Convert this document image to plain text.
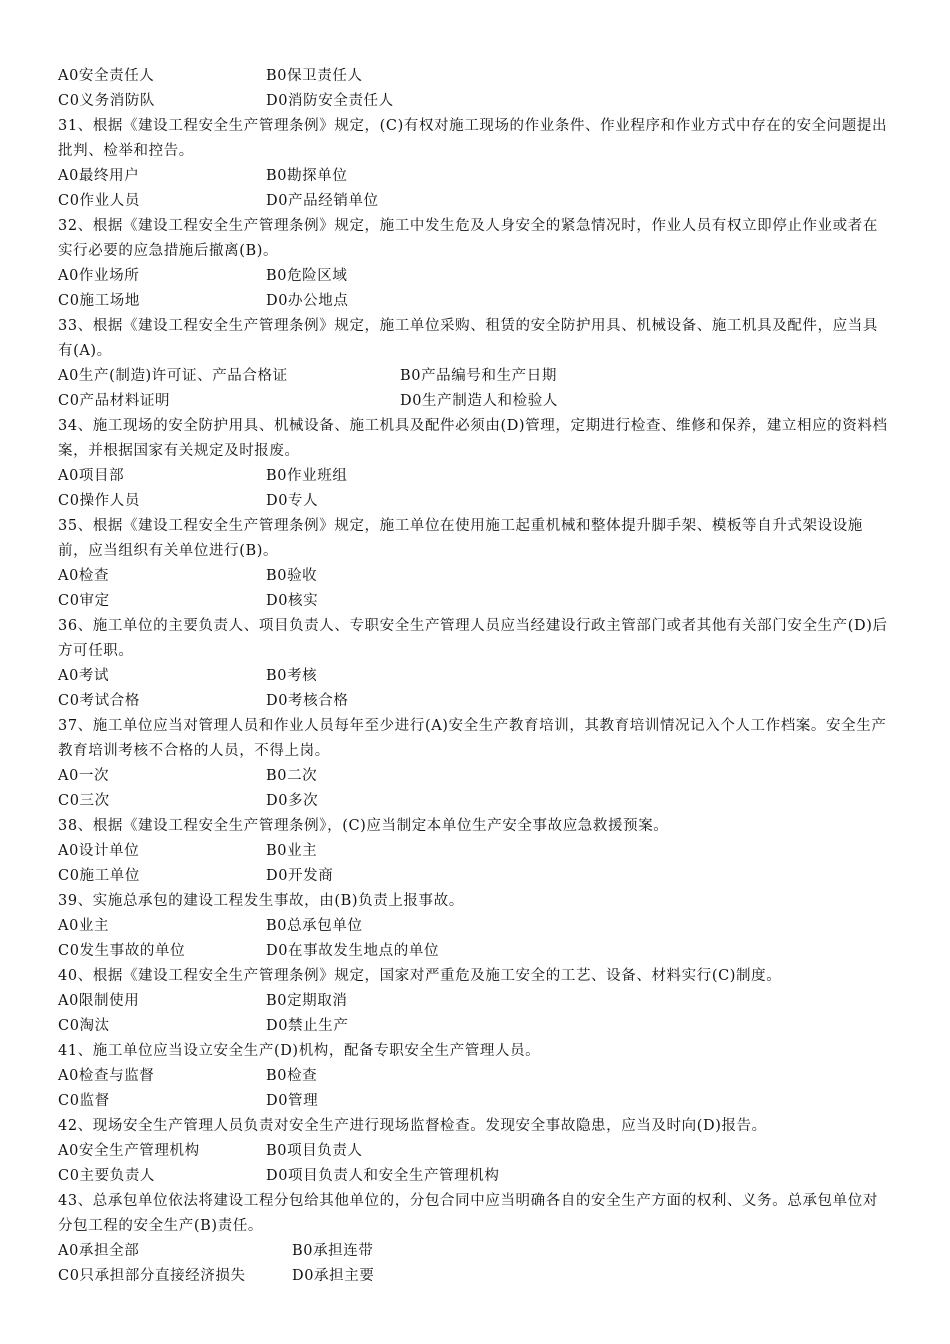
A0安全责任人	B0保卫责任人
C0义务消防队	D0消防安全责任人
31、根据《建设工程安全生产管理条例》规定，(C)有权对施工现场的作业条件、作业程序和作业方式中存在的安全问题提出批判、检举和控告。
A0最终用户	B0勘探单位
C0作业人员	D0产品经销单位
32、根据《建设工程安全生产管理条例》规定，施工中发生危及人身安全的紧急情况时，作业人员有权立即停止作业或者在实行必要的应急措施后撤离(B)。
A0作业场所	B0危险区域
C0施工场地	D0办公地点
33、根据《建设工程安全生产管理条例》规定，施工单位采购、租赁的安全防护用具、机械设备、施工机具及配件，应当具有(A)。
A0生产(制造)许可证、产品合格证	B0产品编号和生产日期
C0产品材料证明	D0生产制造人和检验人
34、施工现场的安全防护用具、机械设备、施工机具及配件必须由(D)管理，定期进行检查、维修和保养，建立相应的资料档案，并根据国家有关规定及时报废。
A0项目部	B0作业班组
C0操作人员	D0专人
35、根据《建设工程安全生产管理条例》规定，施工单位在使用施工起重机械和整体提升脚手架、模板等自升式架设设施前，应当组织有关单位进行(B)。
A0检查	B0验收
C0审定	D0核实
36、施工单位的主要负责人、项目负责人、专职安全生产管理人员应当经建设行政主管部门或者其他有关部门安全生产(D)后方可任职。
A0考试	B0考核
C0考试合格	D0考核合格
37、施工单位应当对管理人员和作业人员每年至少进行(A)安全生产教育培训，其教育培训情况记入个人工作档案。安全生产教育培训考核不合格的人员，不得上岗。
A0一次	B0二次
C0三次	D0多次
38、根据《建设工程安全生产管理条例》，(C)应当制定本单位生产安全事故应急救援预案。
A0设计单位	B0业主
C0施工单位	D0开发商
39、实施总承包的建设工程发生事故，由(B)负责上报事故。
A0业主	B0总承包单位
C0发生事故的单位	D0在事故发生地点的单位
40、根据《建设工程安全生产管理条例》规定，国家对严重危及施工安全的工艺、设备、材料实行(C)制度。
A0限制使用	B0定期取消
C0淘汰	D0禁止生产
41、施工单位应当设立安全生产(D)机构，配备专职安全生产管理人员。
A0检查与监督	B0检查
C0监督	D0管理
42、现场安全生产管理人员负责对安全生产进行现场监督检查。发现安全事故隐患，应当及时向(D)报告。
A0安全生产管理机构	B0项目负责人
C0主要负责人	D0项目负责人和安全生产管理机构
43、总承包单位依法将建设工程分包给其他单位的，分包合同中应当明确各自的安全生产方面的权利、义务。总承包单位对分包工程的安全生产(B)责任。
A0承担全部	B0承担连带
C0只承担部分直接经济损失	D0承担主要
